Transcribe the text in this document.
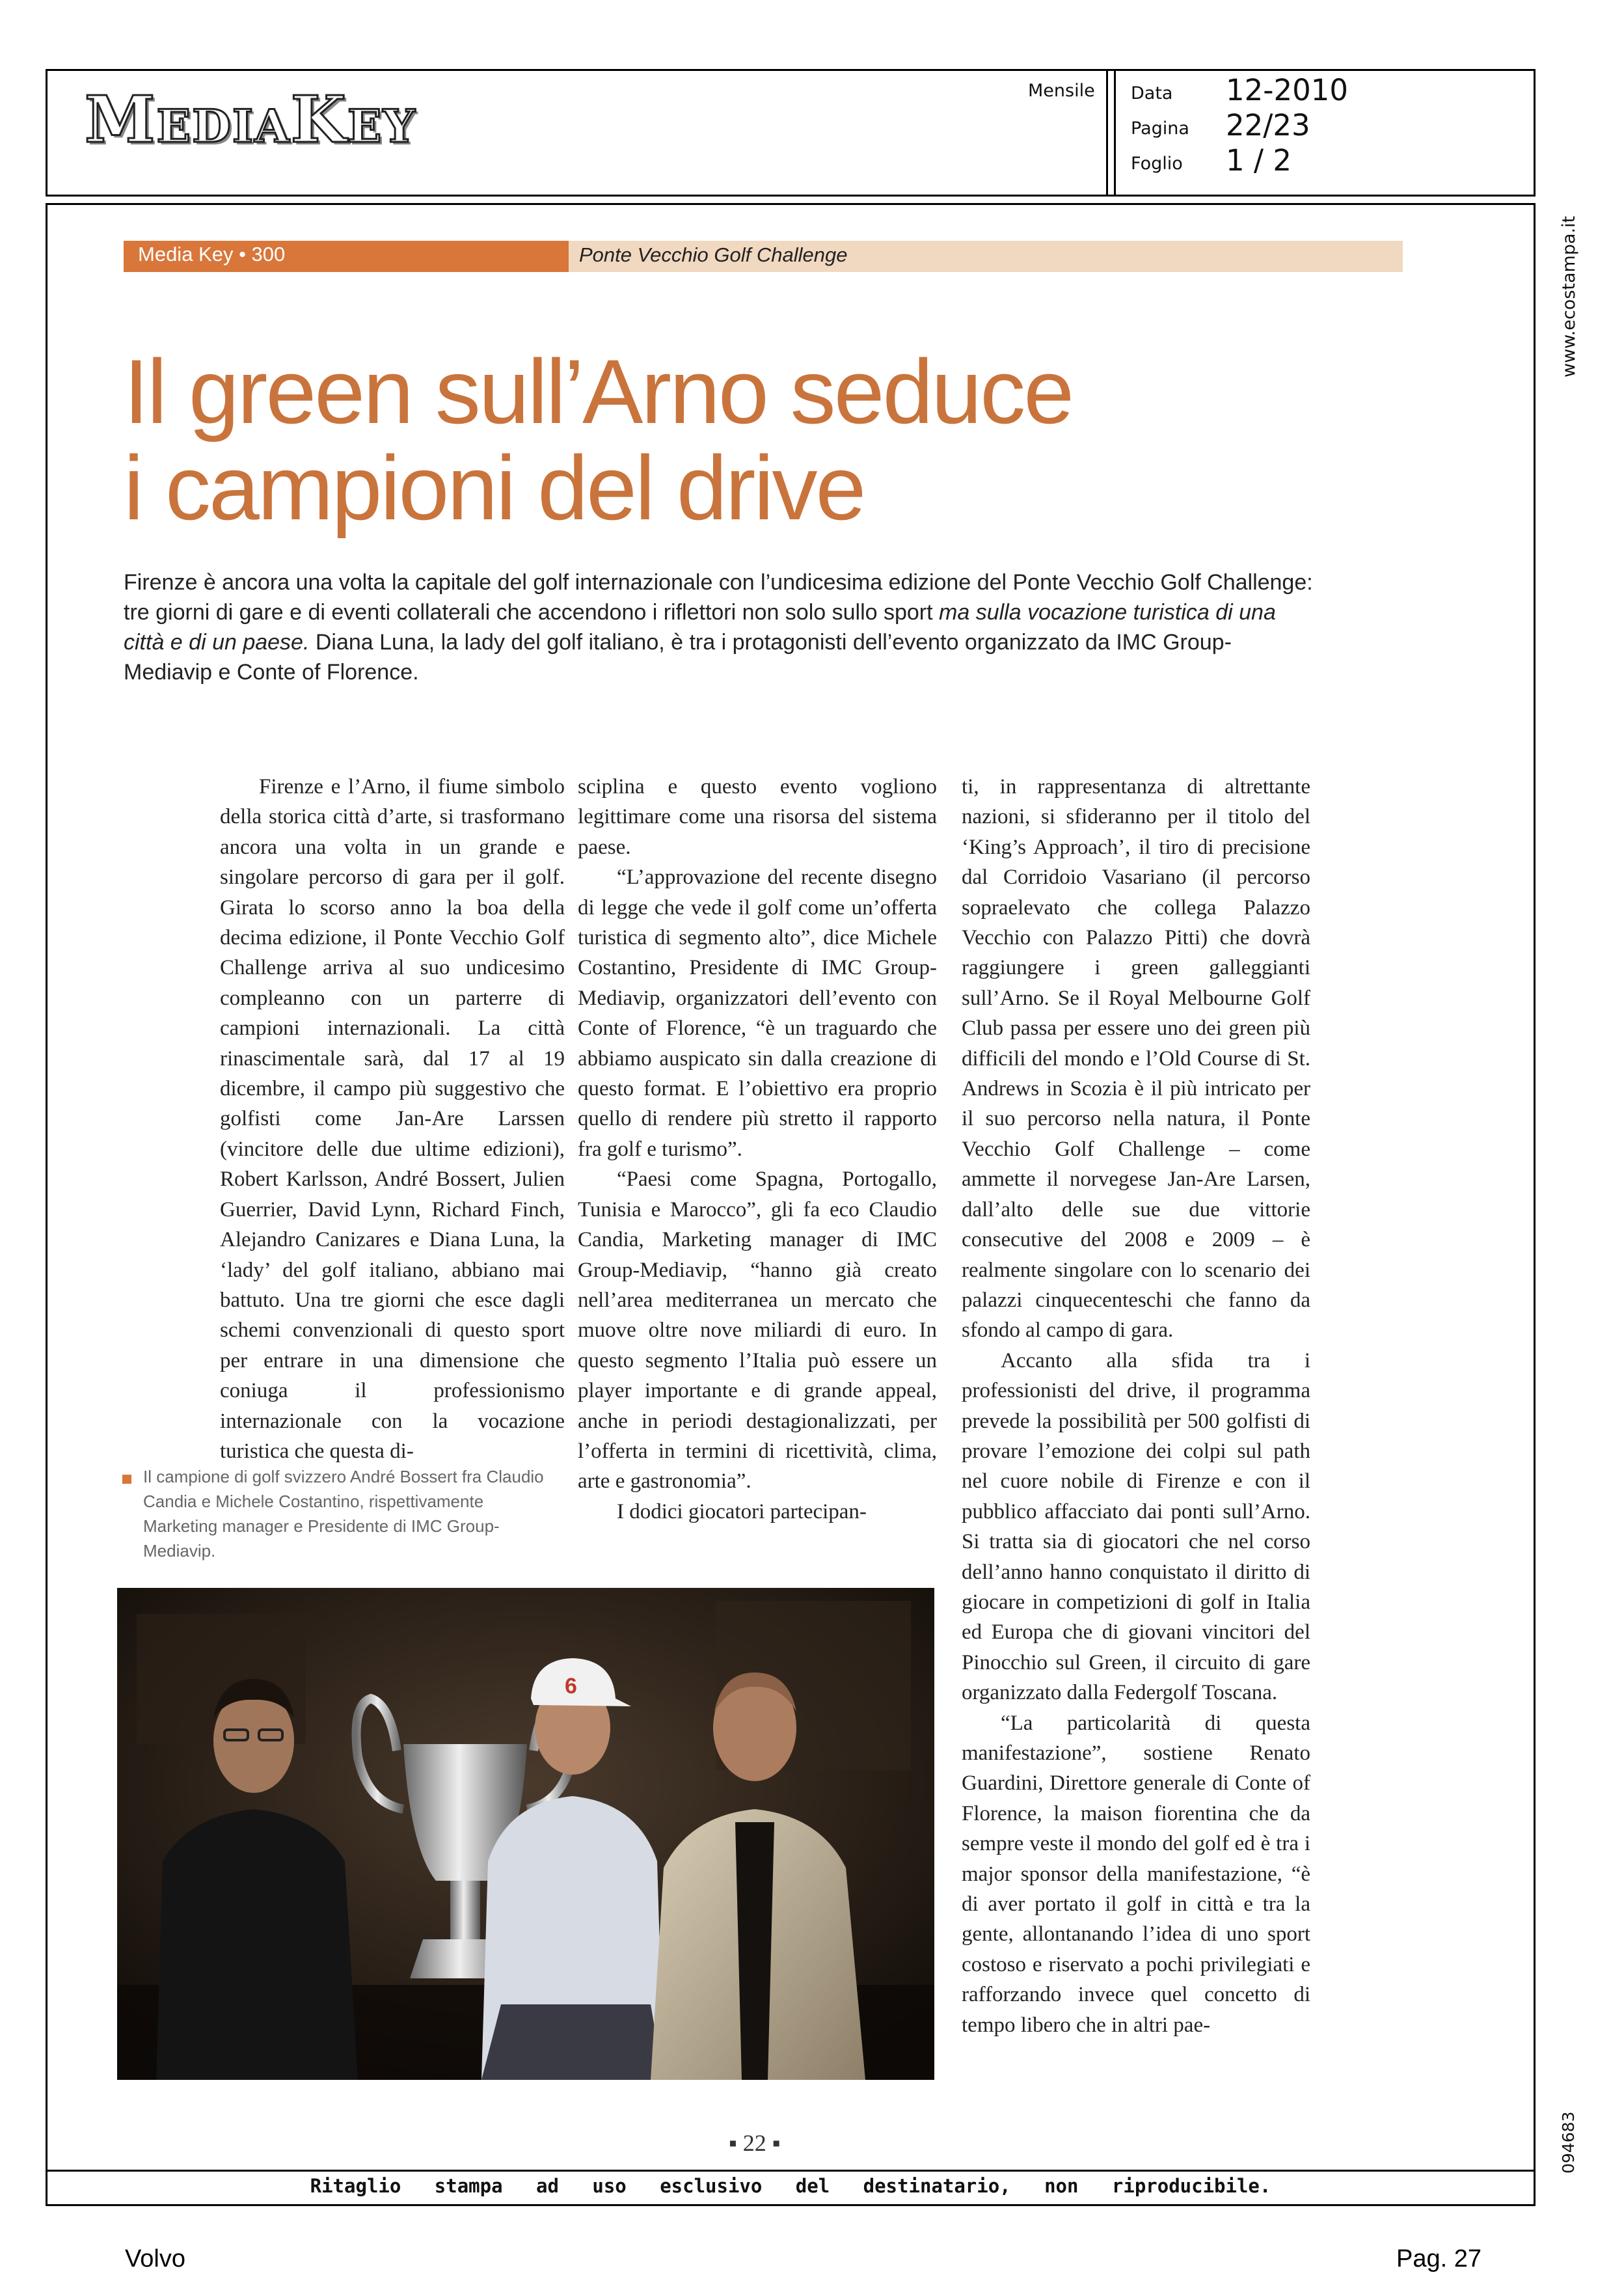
MediaKey	Mensile Data 12-2010
Pagina 22/23
Foglio 1 / 2
www.ecostampa.it
094683
Media Key • 300	Ponte Vecchio Golf Challenge
Il green sull’Arno seduce
i campioni del drive

Firenze è ancora una volta la capitale del golf internazionale con l’undicesima edizione del Ponte Vecchio Golf Challenge: tre giorni di gare e di eventi collaterali che accendono i riflettori non solo sullo sport ma sulla vocazione turistica di una città e di un paese. Diana Luna, la lady del golf italiano, è tra i protagonisti dell’evento organizzato da IMC Group-Mediavip e Conte of Florence.

Firenze e l’Arno, il fiume simbolo della storica città d’arte, si trasformano ancora una volta in un grande e singolare percorso di gara per il golf. Girata lo scorso anno la boa della decima edizione, il Ponte Vecchio Golf Challenge arriva al suo undicesimo compleanno con un parterre di campioni internazionali. La città rinascimentale sarà, dal 17 al 19 dicembre, il campo più suggestivo che golfisti come Jan-Are Larssen (vincitore delle due ultime edizioni), Robert Karlsson, André Bossert, Julien Guerrier, David Lynn, Richard Finch, Alejandro Canizares e Diana Luna, la ‘lady’ del golf italiano, abbiano mai battuto. Una tre giorni che esce dagli schemi convenzionali di questo sport per entrare in una dimensione che coniuga il professionismo internazionale con la vocazione turistica che questa di-

sciplina e questo evento vogliono legittimare come una risorsa del sistema paese.

“L’approvazione del recente disegno di legge che vede il golf come un’offerta turistica di segmento alto”, dice Michele Costantino, Presidente di IMC Group-Mediavip, organizzatori dell’evento con Conte of Florence, “è un traguardo che abbiamo auspicato sin dalla creazione di questo format. E l’obiettivo era proprio quello di rendere più stretto il rapporto fra golf e turismo”.

“Paesi come Spagna, Portogallo, Tunisia e Marocco”, gli fa eco Claudio Candia, Marketing manager di IMC Group-Mediavip, “hanno già creato nell’area mediterranea un mercato che muove oltre nove miliardi di euro. In questo segmento l’Italia può essere un player importante e di grande appeal, anche in periodi destagionalizzati, per l’offerta in termini di ricettività, clima, arte e gastronomia”.

I dodici giocatori partecipan-

ti, in rappresentanza di altrettante nazioni, si sfideranno per il titolo del ‘King’s Approach’, il tiro di precisione dal Corridoio Vasariano (il percorso sopraelevato che collega Palazzo Vecchio con Palazzo Pitti) che dovrà raggiungere i green galleggianti sull’Arno. Se il Royal Melbourne Golf Club passa per essere uno dei green più difficili del mondo e l’Old Course di St. Andrews in Scozia è il più intricato per il suo percorso nella natura, il Ponte Vecchio Golf Challenge – come ammette il norvegese Jan-Are Larsen, dall’alto delle sue due vittorie consecutive del 2008 e 2009 – è realmente singolare con lo scenario dei palazzi cinquecenteschi che fanno da sfondo al campo di gara.

Accanto alla sfida tra i professionisti del drive, il programma prevede la possibilità per 500 golfisti di provare l’emozione dei colpi sul path nel cuore nobile di Firenze e con il pubblico affacciato dai ponti sull’Arno. Si tratta sia di giocatori che nel corso dell’anno hanno conquistato il diritto di giocare in competizioni di golf in Italia ed Europa che di giovani vincitori del Pinocchio sul Green, il circuito di gare organizzato dalla Federgolf Toscana.

“La particolarità di questa manifestazione”, sostiene Renato Guardini, Direttore generale di Conte of Florence, la maison fiorentina che da sempre veste il mondo del golf ed è tra i major sponsor della manifestazione, “è di aver portato il golf in città e tra la gente, allontanando l’idea di uno sport costoso e riservato a pochi privilegiati e rafforzando invece quel concetto di tempo libero che in altri pae-

Il campione di golf svizzero André Bossert fra Claudio Candia e Michele Costantino, rispettivamente Marketing manager e Presidente di IMC Group-Mediavip.

6
▪ 22 ▪
Ritaglio stampa ad uso esclusivo del destinatario, non riproducibile.
Volvo	Pag. 27
